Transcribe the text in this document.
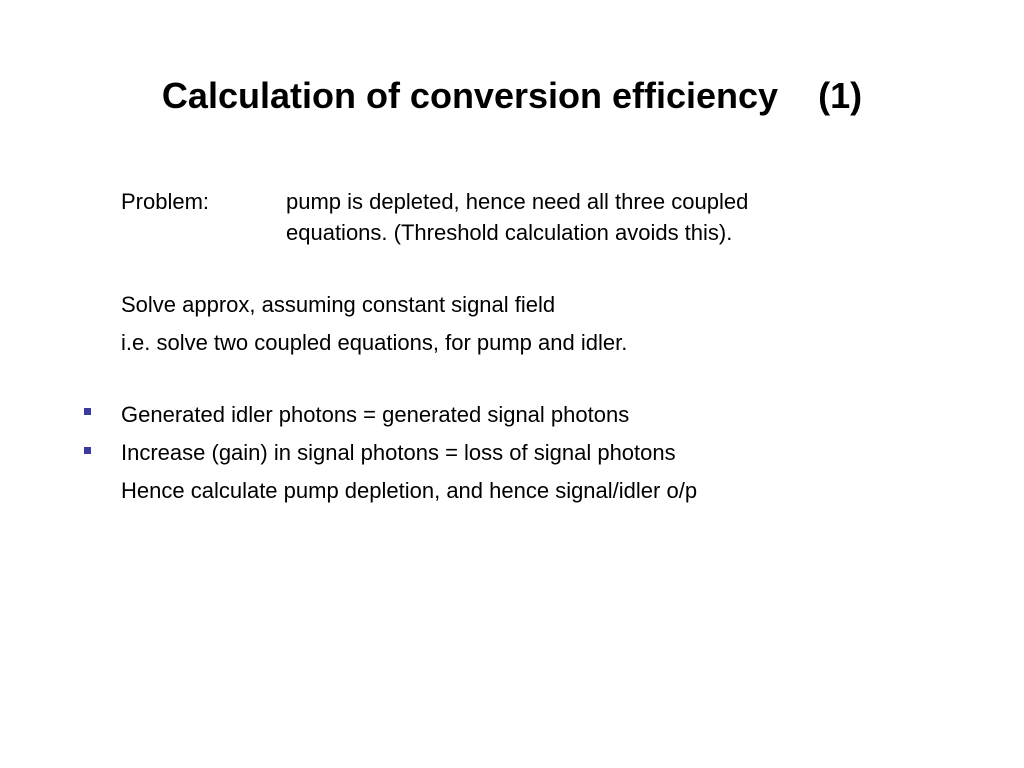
Calculation of conversion efficiency (1)
Problem:	pump is depleted, hence need all three coupled equations. (Threshold calculation avoids this).
Solve approx, assuming constant signal field
i.e. solve two coupled equations, for pump and idler.
Generated idler photons = generated signal photons
Increase (gain) in signal photons = loss of signal photons
Hence calculate pump depletion, and hence signal/idler o/p
